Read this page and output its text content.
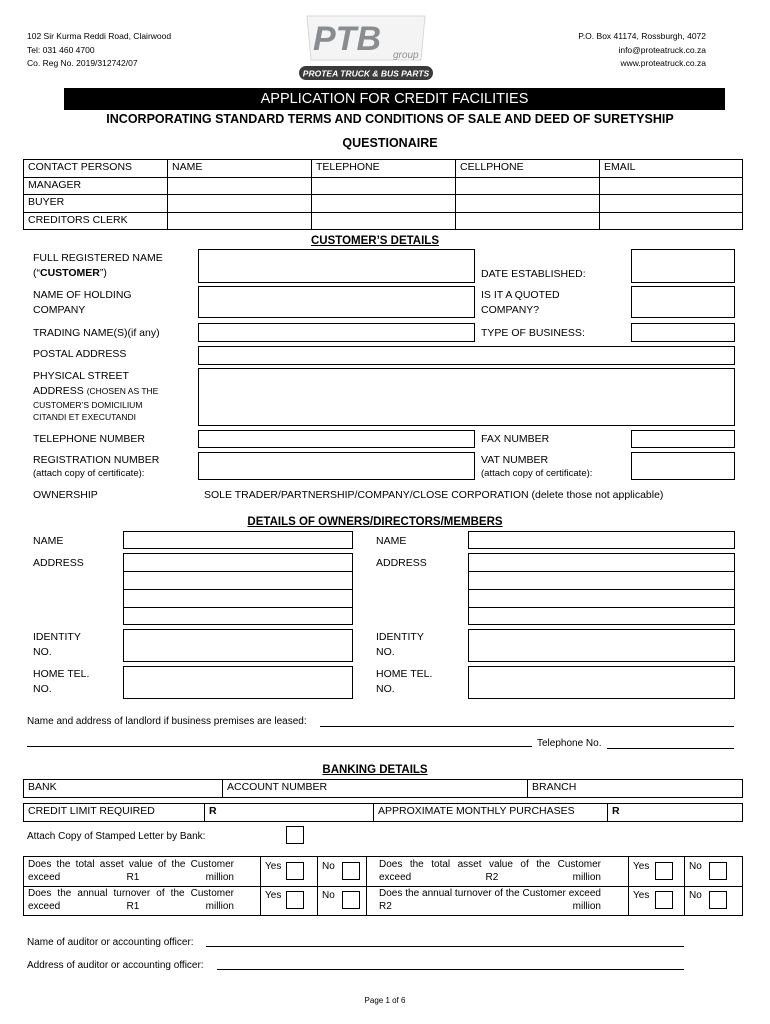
102 Sir Kurma Reddi Road, Clairwood
Tel: 031 460 4700
Co. Reg No. 2019/312742/07
PTB group
PROTEA TRUCK & BUS PARTS
P.O. Box 41174, Rossburgh, 4072
info@proteatruck.co.za
www.proteatruck.co.za
APPLICATION FOR CREDIT FACILITIES
INCORPORATING STANDARD TERMS AND CONDITIONS OF SALE AND DEED OF SURETYSHIP
QUESTIONAIRE
CONTACT PERSONS	NAME	TELEPHONE	CELLPHONE	EMAIL
MANAGER				
BUYER				
CREDITORS CLERK				
CUSTOMER’S DETAILS
FULL REGISTERED NAME
(“CUSTOMER”)	DATE ESTABLISHED:
NAME OF HOLDING
COMPANY
IS IT A QUOTED
COMPANY?
TRADING NAME(S)(if any)	TYPE OF BUSINESS:
POSTAL ADDRESS
PHYSICAL STREET
ADDRESS (CHOSEN AS THE
CUSTOMER’S DOMICILIUM
CITANDI ET EXECUTANDI
TELEPHONE NUMBER	FAX NUMBER
REGISTRATION NUMBER
(attach copy of certificate):
VAT NUMBER
(attach copy of certificate):
OWNERSHIP	SOLE TRADER/PARTNERSHIP/COMPANY/CLOSE CORPORATION (delete those not applicable)
DETAILS OF OWNERS/DIRECTORS/MEMBERS
NAME	NAME
ADDRESS	ADDRESS
IDENTITY
NO.
IDENTITY
NO.
HOME TEL.
NO.
HOME TEL.
NO.
Name and address of landlord if business premises are leased:
Telephone No.
BANKING DETAILS
BANK	ACCOUNT NUMBER	BRANCH
CREDIT LIMIT REQUIRED	R	APPROXIMATE MONTHLY PURCHASES	R
Attach Copy of Stamped Letter by Bank:
Does the total asset value of the Customer exceed R1 million
Yes	No
Does the annual turnover of the Customer exceed R1 million
Yes	No
Does the total asset value of the Customer exceed R2 million
Yes	No
Does the annual turnover of the Customer exceed R2 million
Yes	No
Name of auditor or accounting officer:
Address of auditor or accounting officer:
Page 1 of 6
